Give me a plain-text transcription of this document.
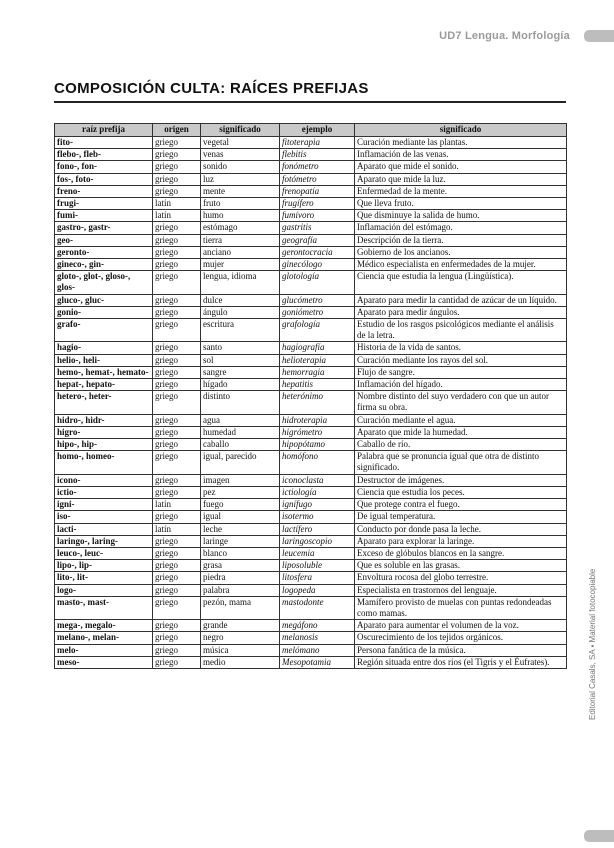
UD7 Lengua. Morfología
COMPOSICIÓN CULTA: RAÍCES PREFIJAS
raíz prefija	origen	significado	ejemplo	significado
fito-	griego	vegetal	fitoterapia	Curación mediante las plantas.
flebo-, fleb-	griego	venas	flebitis	Inflamación de las venas.
fono-, fon-	griego	sonido	fonómetro	Aparato que mide el sonido.
fos-, foto-	griego	luz	fotómetro	Aparato que mide la luz.
freno-	griego	mente	frenopatía	Enfermedad de la mente.
frugi-	latín	fruto	frugífero	Que lleva fruto.
fumi-	latín	humo	fumívoro	Que disminuye la salida de humo.
gastro-, gastr-	griego	estómago	gastritis	Inflamación del estómago.
geo-	griego	tierra	geografía	Descripción de la tierra.
geronto-	griego	anciano	gerontocracia	Gobierno de los ancianos.
gineco-, gin-	griego	mujer	ginecólogo	Médico especialista en enfermedades de la mujer.
gloto-, glot-, gloso-, glos-	griego	lengua, idioma	glotología	Ciencia que estudia la lengua (Lingüística).
gluco-, gluc-	griego	dulce	glucómetro	Aparato para medir la cantidad de azúcar de un líquido.
gonio-	griego	ángulo	goniómetro	Aparato para medir ángulos.
grafo-	griego	escritura	grafología	Estudio de los rasgos psicológicos mediante el análisis de la letra.
hagio-	griego	santo	hagiografía	Historia de la vida de santos.
helio-, heli-	griego	sol	helioterapia	Curación mediante los rayos del sol.
hemo-, hemat-, hemato-	griego	sangre	hemorragia	Flujo de sangre.
hepat-, hepato-	griego	hígado	hepatitis	Inflamación del hígado.
hetero-, heter-	griego	distinto	heterónimo	Nombre distinto del suyo verdadero con que un autor firma su obra.
hidro-, hidr-	griego	agua	hidroterapia	Curación mediante el agua.
higro-	griego	humedad	higrómetro	Aparato que mide la humedad.
hipo-, hip-	griego	caballo	hipopótamo	Caballo de río.
homo-, homeo-	griego	igual, parecido	homófono	Palabra que se pronuncia igual que otra de distinto significado.
icono-	griego	imagen	iconoclasta	Destructor de imágenes.
ictio-	griego	pez	ictiología	Ciencia que estudia los peces.
igni-	latín	fuego	ignífugo	Que protege contra el fuego.
iso-	griego	igual	isotermo	De igual temperatura.
lacti-	latín	leche	lactífero	Conducto por donde pasa la leche.
laringo-, laring-	griego	laringe	laringoscopio	Aparato para explorar la laringe.
leuco-, leuc-	griego	blanco	leucemia	Exceso de glóbulos blancos en la sangre.
lipo-, lip-	griego	grasa	liposoluble	Que es soluble en las grasas.
lito-, lit-	griego	piedra	litosfera	Envoltura rocosa del globo terrestre.
logo-	griego	palabra	logopeda	Especialista en trastornos del lenguaje.
masto-, mast-	griego	pezón, mama	mastodonte	Mamífero provisto de muelas con puntas redondeadas como mamas.
mega-, megalo-	griego	grande	megáfono	Aparato para aumentar el volumen de la voz.
melano-, melan-	griego	negro	melanosis	Oscurecimiento de los tejidos orgánicos.
melo-	griego	música	melómano	Persona fanática de la música.
meso-	griego	medio	Mesopotamia	Región situada entre dos ríos (el Tigris y el Éufrates).	Editorial Casals, SA ▪ Material fotocopiable
